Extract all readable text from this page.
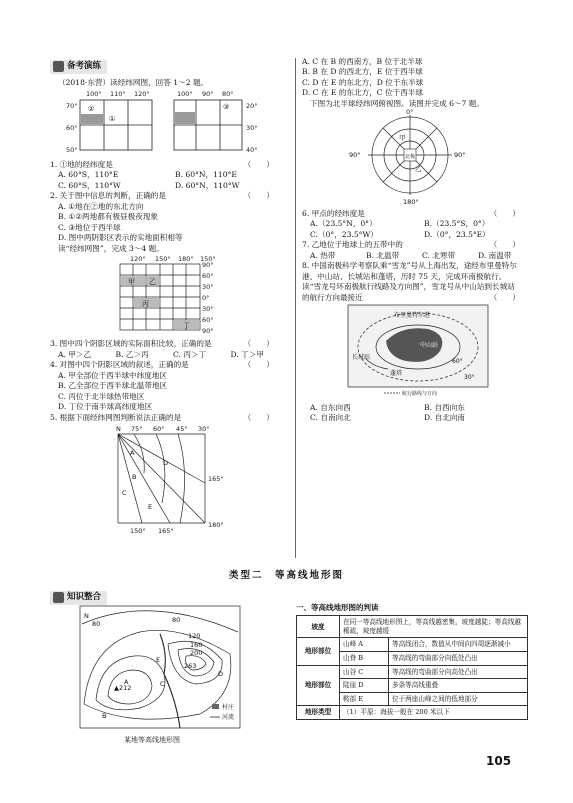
备考演练
（2018·东营）读经纬网图，回答 1～2 题。
100° 110° 120°	100° 90° 80°
70°
60°
50°
20°
30°
40°
②
①
③
1. ①地的经纬度是	（　　）
A. 60°S，110°E	B. 60°N，110°E
C. 60°S，110°W	D. 60°N，110°W
2. 关于图中信息的判断，正确的是	（　　）
A. ①地在②地的东北方向
B. ①②两地都有极昼极夜现象
C. ③地位于西半球
D. 图中两阴影区表示的实地面积相等
读“经纬网图”，完成 3～4 题。
120° 150° 180° 150°
90°
60°
30°
0°
30°
60°
90°
甲 乙
丙
丁
3. 图中四个阴影区域的实际面积比较，正确的是	（　　）
A. 甲＞乙	B. 乙＞丙	C. 丙＞丁	D. 丁＞甲
4. 对图中四个阴影区域的叙述，正确的是	（　　）
A. 甲全部位于西半球中纬度地区
B. 乙全部位于西半球北温带地区
C. 丙位于北半球热带地区
D. 丁位于南半球高纬度地区
5. 根据下面经纬网图判断说法正确的是	（　　）
N 75° 60° 45° 30°
165°
180°
150° 165°
A
B
C
D
E
A. C 在 B 的西南方，B 位于北半球
B. B 在 D 的西北方，E 位于西半球
C. D 在 E 的东北方，D 位于东半球
D. C 在 E 的东北方，C 位于西半球
下图为北半球经纬网俯视图。读图并完成 6～7 题。
0°
90°	90°
180°
甲
乙
北极
6. 甲点的经纬度是	（　　）
A.（23.5°N，0°）	B.（23.5°S，0°）
C.（0°，23.5°W）	D.（0°，23.5°E）
7. 乙地位于地球上的五带中的	（　　）
A. 热带	B. 北温带	C. 北寒带	D. 南温带
8. 中国南极科学考察队乘“雪龙”号从上海出发，途经布里曼特尔港、中山站、长城站和蓬塔，历时 75 天，完成环南极航行。读“雪龙号环南极航行线路及方向图”，雪龙号从中山站到长城站的航行方向最接近	（　　）
布里曼特尔港
中山站
长城站
蓬塔
60°
30°
航行路线与方向
A. 自东向西	B. 自西向东
C. 自南向北	D. 自北向南
类型二　等高线地形图
知识整合
80	80
120
160
200
263
▲212
A
B
C
D
E
N
村庄
河流
某地等高线地形图
一、等高线地形图的判读
坡度	在同一等高线地形图上，等高线越密集，坡度越陡；等高线越稀疏，坡度越缓	
地形部位	山峰 A	等高线闭合，数值从中间向四周逐渐减小
	山脊 B	等高线的弯曲部分向低处凸出
地形部位	山谷 C	等高线的弯曲部分向高处凸出
	陡崖 D	多条等高线重叠
	鞍部 E	位于两座山峰之间的低地部分
地形类型	（1）平原：海拔一般在 200 米以下	
105
